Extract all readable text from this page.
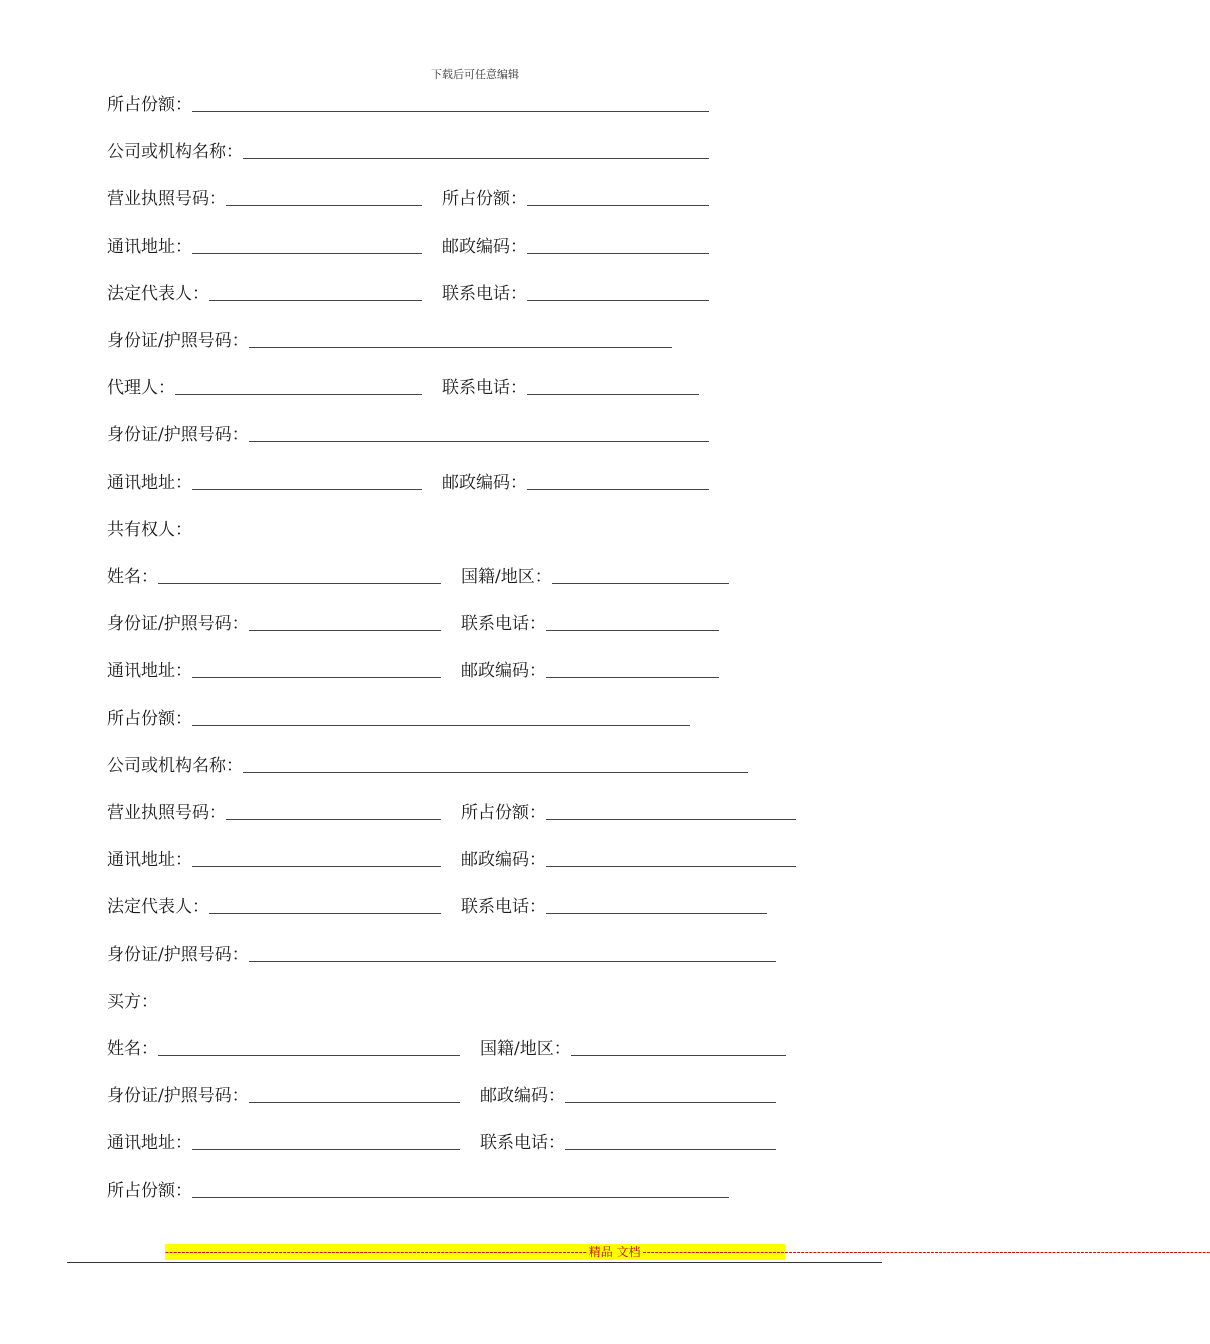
下载后可任意编辑
所占份额：
公司或机构名称：
营业执照号码：	所占份额：
通讯地址：	邮政编码：
法定代表人：	联系电话：
身份证/护照号码：
代理人：	联系电话：
身份证/护照号码：
通讯地址：	邮政编码：
共有权人：
姓名：	国籍/地区：
身份证/护照号码：	联系电话：
通讯地址：	邮政编码：
所占份额：
公司或机构名称：
营业执照号码：	所占份额：
通讯地址：	邮政编码：
法定代表人：	联系电话：
身份证/护照号码：
买方：
姓名：	国籍/地区：
身份证/护照号码：	邮政编码：
通讯地址：	联系电话：
所占份额：
-------------------------------------------------------------------------------------------------------- 精品 文档 --------------------------------------------------------------------------------------------------------------------------------------------
